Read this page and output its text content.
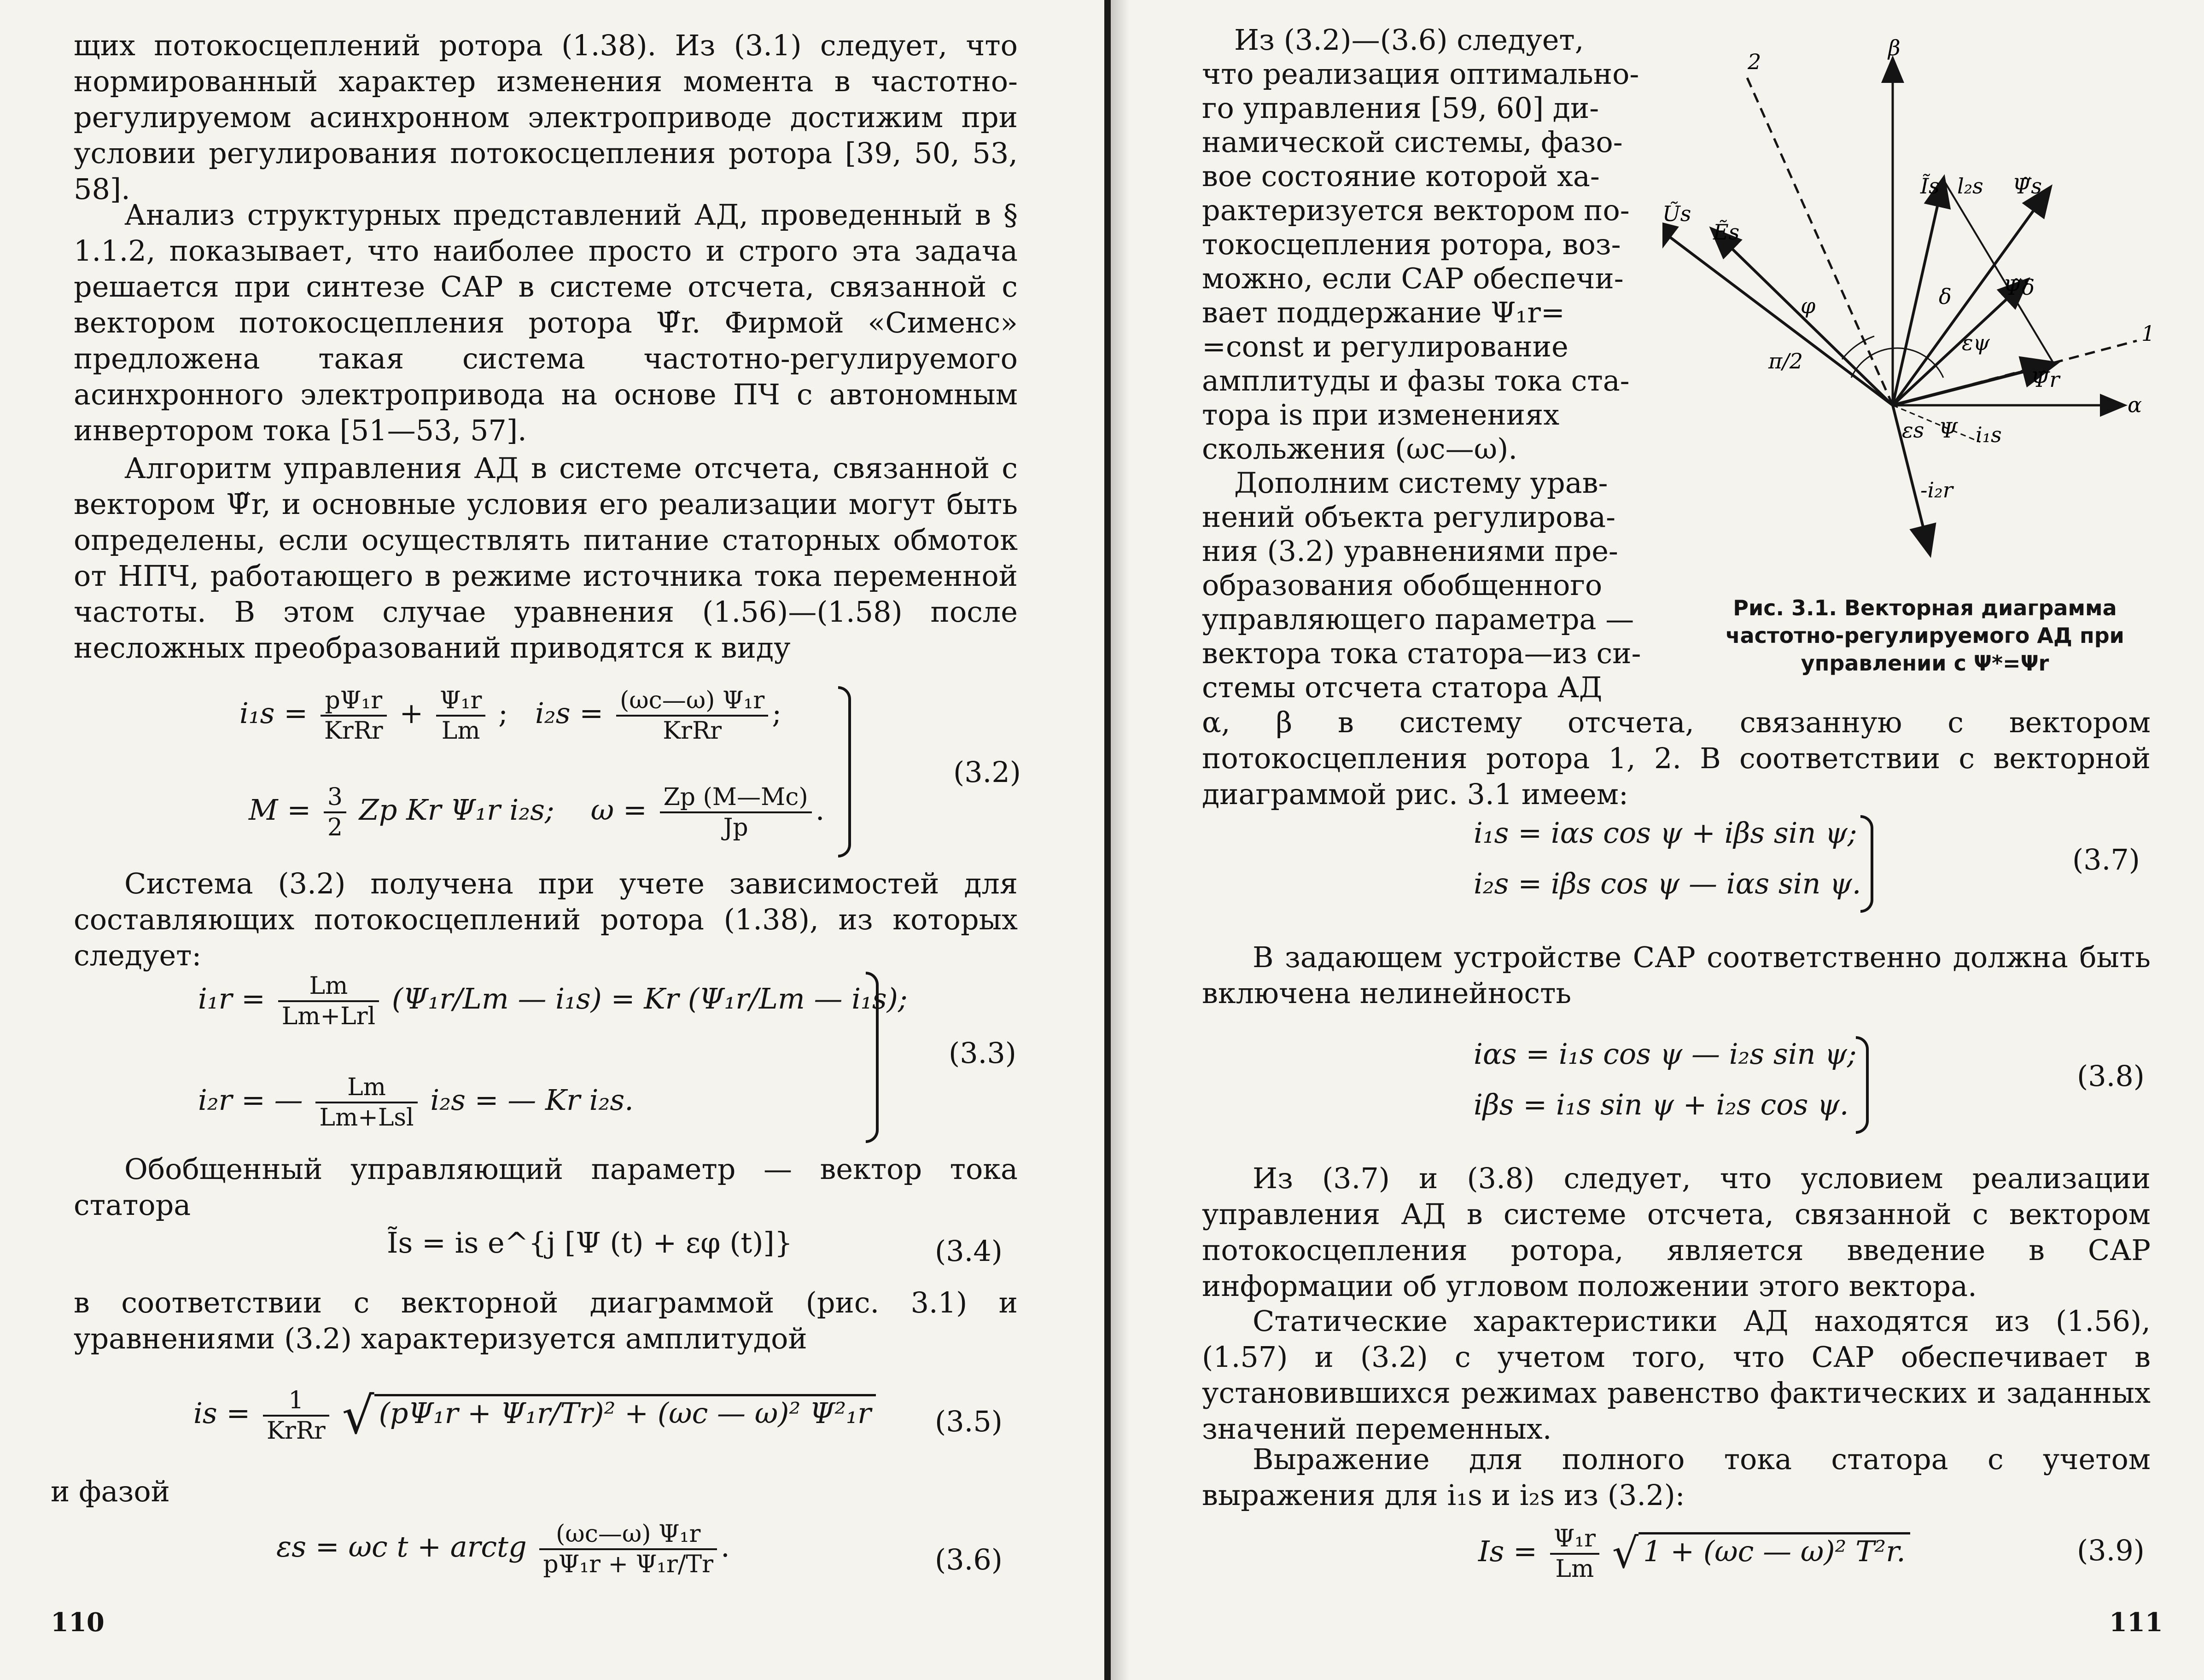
щих потокосцеплений ротора (1.38). Из (3.1) следует, что нормированный характер изменения момента в частотно-регулируемом асинхронном электроприводе достижим при условии регулирования потокосцепления ротора [39, 50, 53, 58].

Анализ структурных представлений АД, проведенный в § 1.1.2, показывает, что наиболее просто и строго эта задача решается при синтезе САР в системе отсчета, связанной с вектором потокосцепления ротора Ψ̃r. Фирмой «Сименс» предложена такая система частотно-регулируемого асинхронного электропривода на основе ПЧ с автономным инвертором тока [51—53, 57].

Алгоритм управления АД в системе отсчета, связанной с вектором Ψ̃r, и основные условия его реализации могут быть определены, если осуществлять питание статорных обмоток от НПЧ, работающего в режиме источника тока переменной частоты. В этом случае уравнения (1.56)—(1.58) после несложных преобразований приводятся к виду

$i_1s = \frac{\text{pΨ₁r}}{\text{KrRr}} + \frac{\text{Ψ₁r}}{Lm}$ ; $i_2s = \frac{\text{(ωc—ω) Ψ₁r}}{\text{KrRr}}$ ;
$M = \frac{3}{2}$ Zp Kr Ψ₁r i₂s; $\omega = \frac{Zp (M—Mc)}{Jp}$ .
(3.2)

Система (3.2) получена при учете зависимостей для составляющих потокосцеплений ротора (1.38), из которых следует:

$i_1r = \frac{Lm}{\text{Lm+Lrl}} (\Psi_1r/Lm$ — i₁s) = Kr (Ψ₁r/Lm — i₁s);
i₂r = — $\frac{Lm}{\text{Lm+Lsl}} i_2s$ = — Kr i₂s.
(3.3)

Обобщенный управляющий параметр — вектор тока статора

Ĩs = is e^{j [Ψ (t) + εφ (t)]}	(3.4)

в соответствии с векторной диаграммой (рис. 3.1) и уравнениями (3.2) характеризуется амплитудой

is = $\frac{1}{\text{KrRr}}$ √ (pΨ₁r + Ψ₁r/Tr)² + (ωc — ω)² Ψ²₁r (3.5)

и фазой

εs = ωc t + arctg $\frac{\text{(ωc—ω) Ψ₁r}}{\text{pΨ₁r + Ψ₁r/Tr}}$ .	(3.6)
110
Из (3.2)—(3.6) следует,
что реализация оптимально-
го управления [59, 60] ди-
намической системы, фазо-
вое состояние которой ха-
рактеризуется вектором по-
токосцепления ротора, воз-
можно, если САР обеспечи-
вает поддержание Ψ₁r=
=const и регулирование
амплитуды и фазы тока ста-
тора is при изменениях
скольжения (ωc—ω).
Дополним систему урав-
нений объекта регулирова-
ния (3.2) уравнениями пре-
образования обобщенного
управляющего параметра —
вектора тока статора—из си-
стемы отсчета статора АД
2
β
α
1
Ũs
Ẽs
Ĩs l₂s Ψ̃s
φ	δ Ψ̃δ
εψ
π/2
Ψ̃r
εs Ψ i₁s
-i₂r
Рис. 3.1. Векторная диаграмма
частотно-регулируемого АД при
управлении с Ψ*=Ψr

α, β в систему отсчета, связанную с вектором потокосцепления ротора 1, 2. В соответствии с векторной диаграммой рис. 3.1 имеем:

i₁s = iαs cos ψ + iβs sin ψ;
i₂s = iβs cos ψ — iαs sin ψ.
(3.7)

В задающем устройстве САР соответственно должна быть включена нелинейность

iαs = i₁s cos ψ — i₂s sin ψ;
iβs = i₁s sin ψ + i₂s cos ψ.
(3.8)

Из (3.7) и (3.8) следует, что условием реализации управления АД в системе отсчета, связанной с вектором потокосцепления ротора, является введение в САР информации об угловом положении этого вектора.

Статические характеристики АД находятся из (1.56), (1.57) и (3.2) с учетом того, что САР обеспечивает в установившихся режимах равенство фактических и заданных значений переменных.

Выражение для полного тока статора с учетом выражения для i₁s и i₂s из (3.2):

$Is = \frac{\text{Ψ₁r}}{Lm}$ √ 1 + (ωc — ω)² T²r.	(3.9)
111
